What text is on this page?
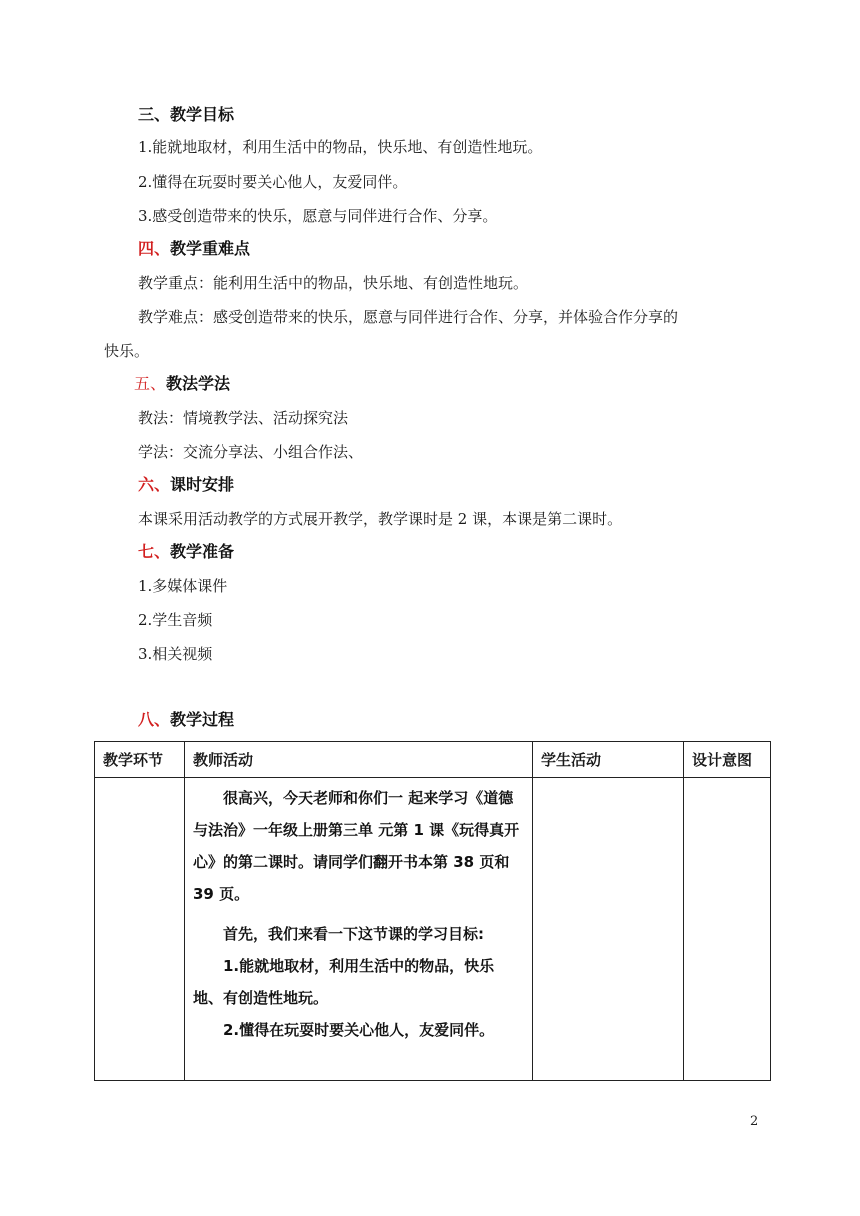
三、教学目标
1.能就地取材，利用生活中的物品，快乐地、有创造性地玩。
2.懂得在玩耍时要关心他人，友爱同伴。
3.感受创造带来的快乐，愿意与同伴进行合作、分享。
四、教学重难点
教学重点：能利用生活中的物品，快乐地、有创造性地玩。
教学难点：感受创造带来的快乐，愿意与同伴进行合作、分享，并体验合作分享的
快乐。
五、教法学法
教法：情境教学法、活动探究法
学法：交流分享法、小组合作法、
六、课时安排
本课采用活动教学的方式展开教学，教学课时是 2 课，本课是第二课时。
七、教学准备
1.多媒体课件
2.学生音频
3.相关视频
八、教学过程
教学环节	教师活动	学生活动	设计意图

	很高兴，今天老师和你们一 起来学习《道德与法治》一年级上册第三单 元第 1 课《玩得真开心》的第二课时。请同学们翻开书本第 38 页和 39 页。

首先，我们来看一下这节课的学习目标:

1.能就地取材，利用生活中的物品，快乐地、有创造性地玩。

2.懂得在玩耍时要关心他人，友爱同伴。		

2
